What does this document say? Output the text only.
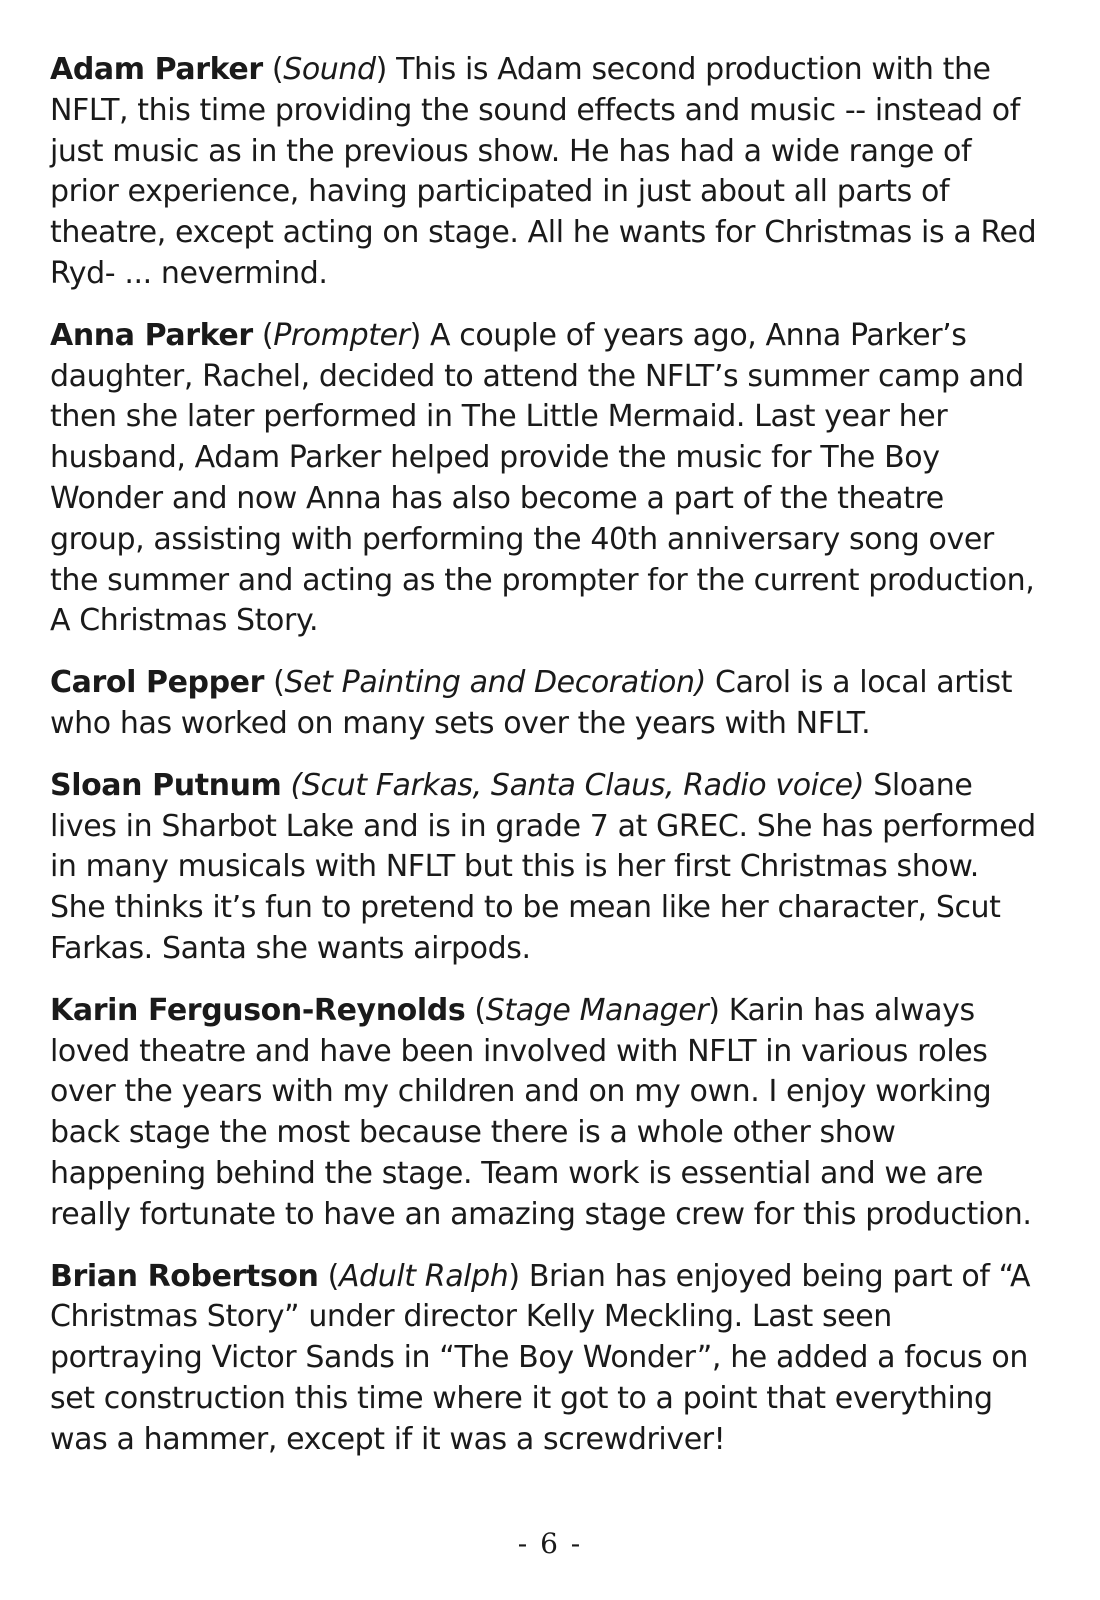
Adam Parker (Sound) This is Adam second production with the NFLT, this time providing the sound effects and music -- instead of just music as in the previous show. He has had a wide range of prior experience, having participated in just about all parts of theatre, except acting on stage. All he wants for Christmas is a Red Ryd- ... nevermind.

Anna Parker (Prompter) A couple of years ago, Anna Parker’s daughter, Rachel, decided to attend the NFLT’s summer camp and then she later performed in The Little Mermaid. Last year her husband, Adam Parker helped provide the music for The Boy Wonder and now Anna has also become a part of the theatre group, assisting with performing the 40th anniversary song over the summer and acting as the prompter for the current production, A Christmas Story.

Carol Pepper (Set Painting and Decoration) Carol is a local artist who has worked on many sets over the years with NFLT.

Sloan Putnum (Scut Farkas, Santa Claus, Radio voice) Sloane lives in Sharbot Lake and is in grade 7 at GREC. She has performed in many musicals with NFLT but this is her first Christmas show. She thinks it’s fun to pretend to be mean like her character, Scut Farkas. Santa she wants airpods.

Karin Ferguson-Reynolds (Stage Manager) Karin has always loved theatre and have been involved with NFLT in various roles over the years with my children and on my own. I enjoy working back stage the most because there is a whole other show happening behind the stage. Team work is essential and we are really fortunate to have an amazing stage crew for this production.

Brian Robertson (Adult Ralph) Brian has enjoyed being part of “A Christmas Story” under director Kelly Meckling. Last seen portraying Victor Sands in “The Boy Wonder”, he added a focus on set construction this time where it got to a point that everything was a hammer, except if it was a screwdriver!

- 6 -
